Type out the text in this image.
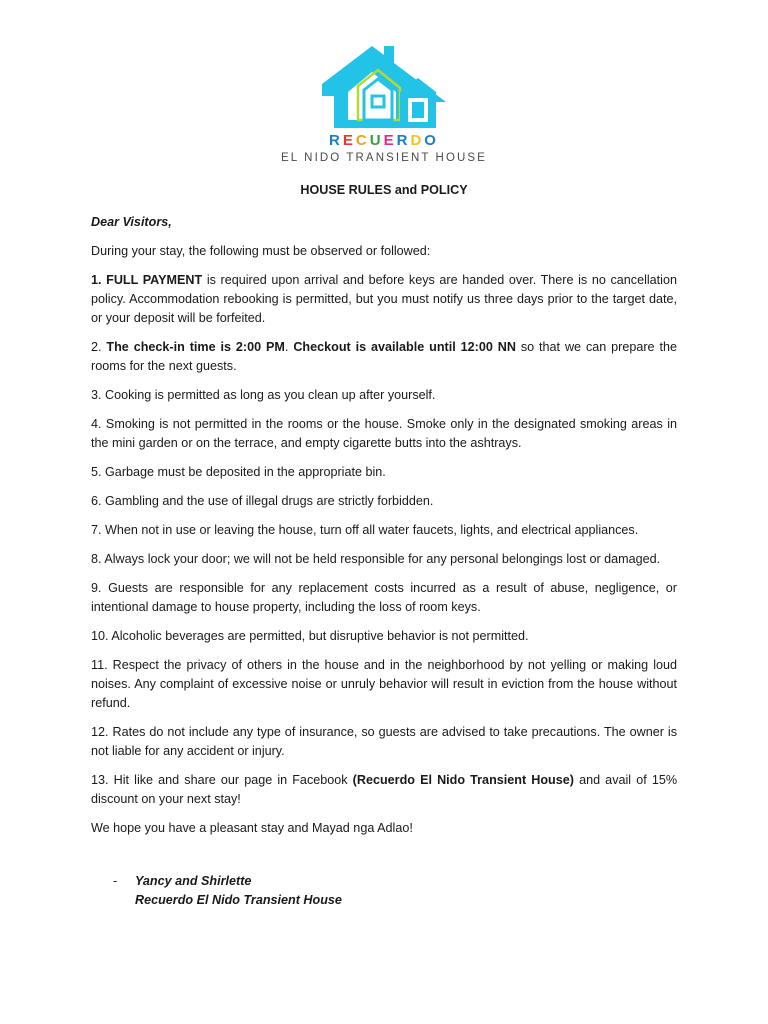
RECUERDO
EL NIDO TRANSIENT HOUSE
HOUSE RULES and POLICY
Dear Visitors,
During your stay, the following must be observed or followed:
1. FULL PAYMENT is required upon arrival and before keys are handed over. There is no cancellation policy. Accommodation rebooking is permitted, but you must notify us three days prior to the target date, or your deposit will be forfeited.
2. The check-in time is 2:00 PM. Checkout is available until 12:00 NN so that we can prepare the rooms for the next guests.
3. Cooking is permitted as long as you clean up after yourself.
4. Smoking is not permitted in the rooms or the house. Smoke only in the designated smoking areas in the mini garden or on the terrace, and empty cigarette butts into the ashtrays.
5. Garbage must be deposited in the appropriate bin.
6. Gambling and the use of illegal drugs are strictly forbidden.
7. When not in use or leaving the house, turn off all water faucets, lights, and electrical appliances.
8. Always lock your door; we will not be held responsible for any personal belongings lost or damaged.
9. Guests are responsible for any replacement costs incurred as a result of abuse, negligence, or intentional damage to house property, including the loss of room keys.
10. Alcoholic beverages are permitted, but disruptive behavior is not permitted.
11. Respect the privacy of others in the house and in the neighborhood by not yelling or making loud noises. Any complaint of excessive noise or unruly behavior will result in eviction from the house without refund.
12. Rates do not include any type of insurance, so guests are advised to take precautions. The owner is not liable for any accident or injury.
13. Hit like and share our page in Facebook (Recuerdo El Nido Transient House) and avail of 15% discount on your next stay!
We hope you have a pleasant stay and Mayad nga Adlao!
- Yancy and Shirlette
Recuerdo El Nido Transient House
